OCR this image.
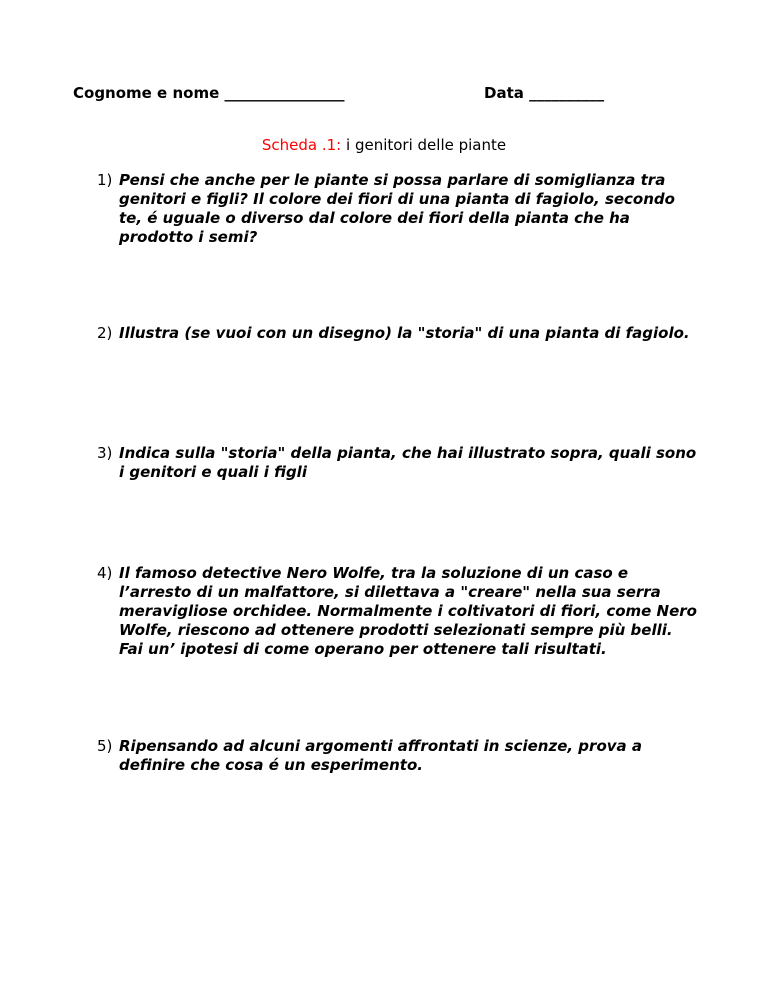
Cognome e nome ________________	Data __________
Scheda .1: i genitori delle piante
1) Pensi che anche per le piante si possa parlare di somiglianza tra genitori e figli? Il colore dei fiori di una pianta di fagiolo, secondo te, é uguale o diverso dal colore dei fiori della pianta che ha prodotto i semi?
2) Illustra (se vuoi con un disegno) la "storia" di una pianta di fagiolo.
3) Indica sulla "storia" della pianta, che hai illustrato sopra, quali sono i genitori e quali i figli
4) Il famoso detective Nero Wolfe, tra la soluzione di un caso e l’arresto di un malfattore, si dilettava a "creare" nella sua serra meravigliose orchidee. Normalmente i coltivatori di fiori, come Nero Wolfe, riescono ad ottenere prodotti selezionati sempre più belli. Fai un’ ipotesi di come operano per ottenere tali risultati.
5) Ripensando ad alcuni argomenti affrontati in scienze, prova a definire che cosa é un esperimento.
